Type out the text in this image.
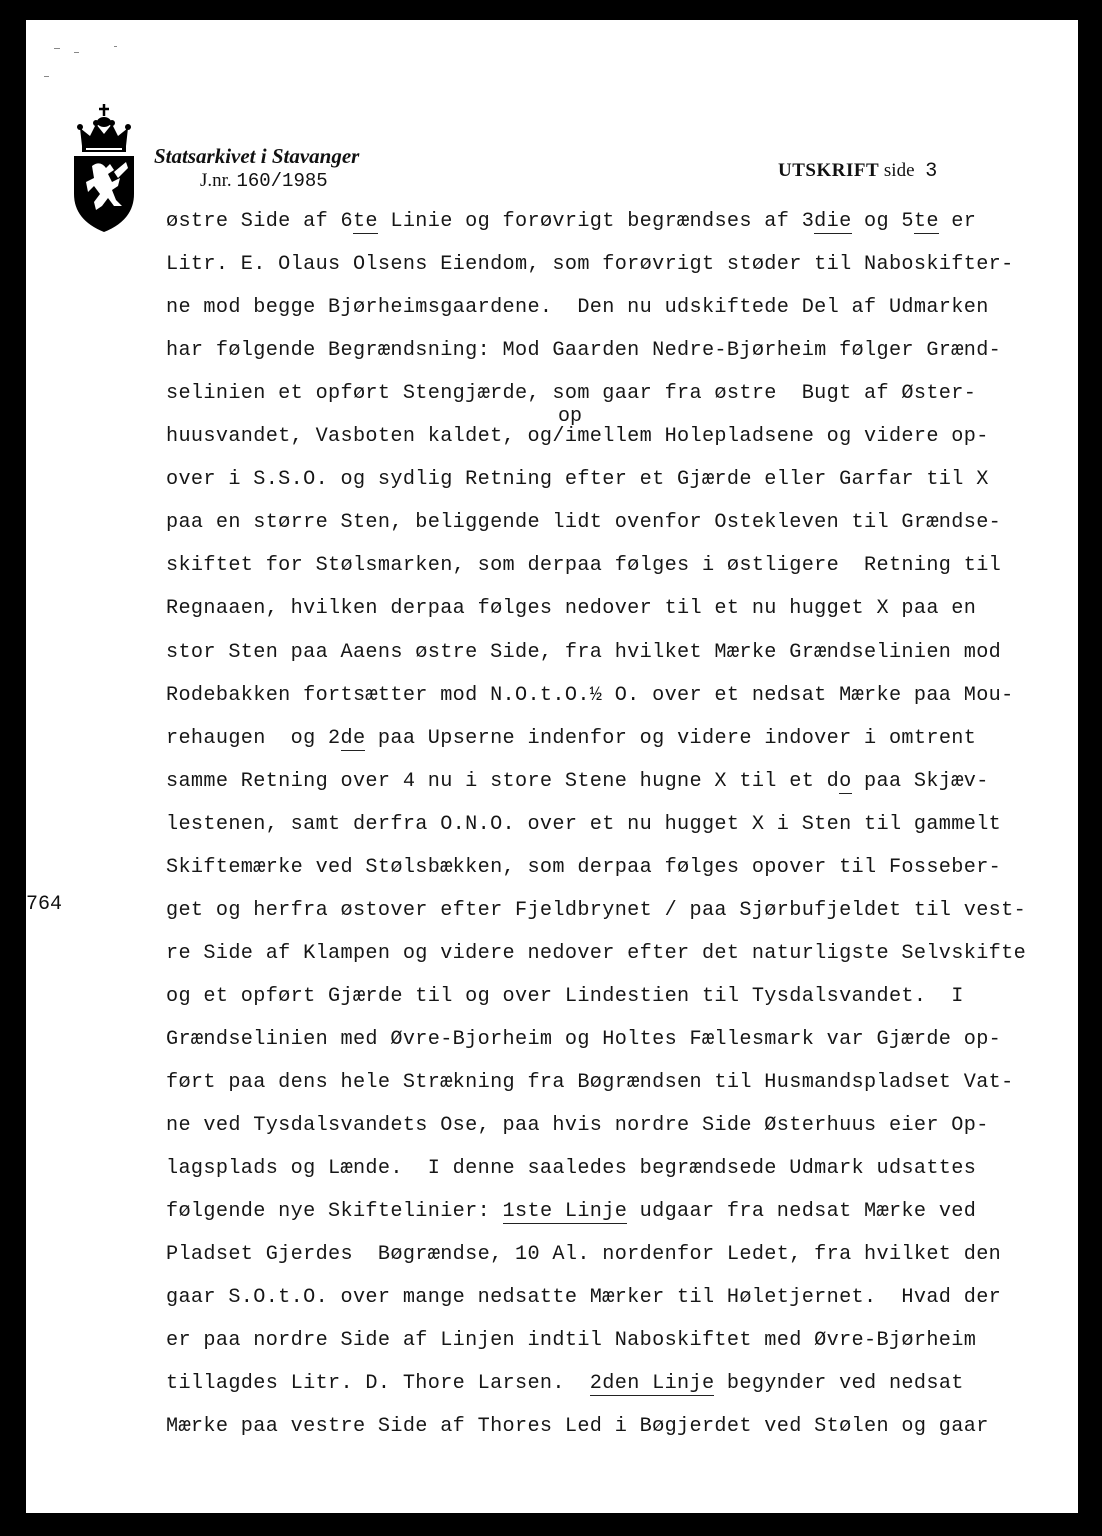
Statsarkivet i Stavanger
J.nr. 160/1985	UTSKRIFT side 3
764
op
østre Side af 6te Linie og forøvrigt begrændses af 3die og 5te er
Litr. E. Olaus Olsens Eiendom, som forøvrigt støder til Naboskifter-
ne mod begge Bjørheimsgaardene.  Den nu udskiftede Del af Udmarken
har følgende Begrændsning: Mod Gaarden Nedre-Bjørheim følger Grænd-
selinien et opført Stengjærde, som gaar fra østre  Bugt af Øster-
huusvandet, Vasboten kaldet, og/imellem Holepladsene og videre op-
over i S.S.O. og sydlig Retning efter et Gjærde eller Garfar til X
paa en større Sten, beliggende lidt ovenfor Ostekleven til Grændse-
skiftet for Stølsmarken, som derpaa følges i østligere  Retning til
Regnaaen, hvilken derpaa følges nedover til et nu hugget X paa en
stor Sten paa Aaens østre Side, fra hvilket Mærke Grændselinien mod
Rodebakken fortsætter mod N.O.t.O.½ O. over et nedsat Mærke paa Mou-
rehaugen  og 2de paa Upserne indenfor og videre indover i omtrent
samme Retning over 4 nu i store Stene hugne X til et do paa Skjæv-
lestenen, samt derfra O.N.O. over et nu hugget X i Sten til gammelt
Skiftemærke ved Stølsbækken, som derpaa følges opover til Fosseber-
get og herfra østover efter Fjeldbrynet / paa Sjørbufjeldet til vest-
re Side af Klampen og videre nedover efter det naturligste Selvskifte
og et opført Gjærde til og over Lindestien til Tysdalsvandet.  I
Grændselinien med Øvre-Bjorheim og Holtes Fællesmark var Gjærde op-
ført paa dens hele Strækning fra Bøgrændsen til Husmandspladset Vat-
ne ved Tysdalsvandets Ose, paa hvis nordre Side Østerhuus eier Op-
lagsplads og Lænde.  I denne saaledes begrændsede Udmark udsattes
følgende nye Skiftelinier: 1ste Linje udgaar fra nedsat Mærke ved
Pladset Gjerdes  Bøgrændse, 10 Al. nordenfor Ledet, fra hvilket den
gaar S.O.t.O. over mange nedsatte Mærker til Høletjernet.  Hvad der
er paa nordre Side af Linjen indtil Naboskiftet med Øvre-Bjørheim
tillagdes Litr. D. Thore Larsen.  2den Linje begynder ved nedsat
Mærke paa vestre Side af Thores Led i Bøgjerdet ved Stølen og gaar
